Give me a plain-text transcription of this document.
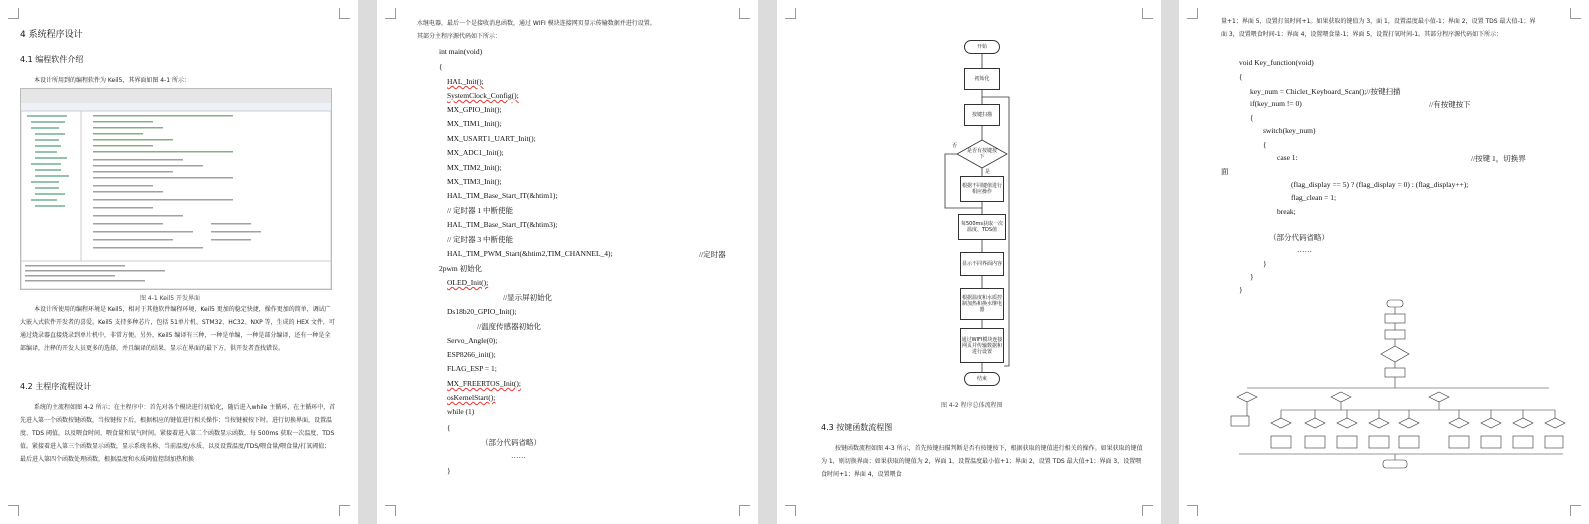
4 系统程序设计
4.1 编程软件介绍
本设计所用到的编程软件为 Keil5，其界面如图 4-1 所示：
图 4-1 Keil5 开发界面
本设计所使用的编程环境是 Keil5，相对于其他软件编程环境，Keil5 更加的稳定快捷，操作更加的简单，调试广大嵌入式软件开发者的喜爱。Keil5 支持多种芯片，包括 51单片机、STM32、HC32、NXP 等，生成的 HEX 文件，可通过烧录器直接烧录到单片机中，非常方便。另外，Keil5 编译有三种，一种是单编，一种是部分编译，还有一种是全部编译，注释的开发人员更多的选择，并且编译的结果，显示在界面的最下方，供开发者查找错误。
4.2 主程序流程设计
系统的主流程如图 4-2 所示；在主程序中：首先对各个模块进行初始化，随后进入while 主循环，在主循环中，首先进入第一个函数按键函数，当按键按下后，根据相应的键值进行相关操作；当按键被按下时，进行切换界面，设置温度、TDS 阈值，以及喂食时间、喂食量和氧气时间。紧接着进入第二个函数显示函数，每 500ms 获取一次温度、TDS 值。紧接着进入第三个函数显示函数，显示系统名称、当前温度/水质、以及设置温度/TDS/喂食量/喂食量/打氧阈值；最后进入第四个函数处理函数，根据温度和水质阈值控制加热和换
水继电器，最后一个是接收消息函数，通过 WIFI 模块连接网页显示传输数据并进行设置。
其部分主程序源代码如下所示：
int main(void)
{
HAL_Init();
SystemClock_Config();
MX_GPIO_Init();
MX_TIM1_Init();
MX_USART1_UART_Init();
MX_ADC1_Init();
MX_TIM2_Init();
MX_TIM3_Init();
HAL_TIM_Base_Start_IT(&htim1);
// 定时器 1 中断使能
HAL_TIM_Base_Start_IT(&htim3);
// 定时器 3 中断使能
HAL_TIM_PWM_Start(&htim2,TIM_CHANNEL_4);	//定时器
2pwm 初始化
OLED_Init();
//显示屏初始化
Ds18b20_GPIO_Init();
//温度传感器初始化
Servo_Angle(0);
ESP8266_init();
FLAG_ESP = 1;
MX_FREERTOS_Init();
osKernelStart();
while (1)
{
（部分代码省略）
……
}
开始
初始化
按键扫描
是否有按键按下
否
是
根据不同键值进行相应操作
每500ms获取一次温度、TDS值
显示不同界面内容
根据温度和水质控制加热和换水继电器
通过WIFI模块连接网页并传输数据和进行设置
结束
图 4-2 程序总体流程图
4.3 按键函数流程图
按键函数流程如图 4-3 所示，首先按键扫描判断是否有按键按下，根据获取的键值进行相关的操作。如果获取的键值为 1，则切换界面；如果获取的键值为 2，界面 1，设置温度最小值+1；界面 2，设置 TDS 最大值+1；界面 3，设置喂食时间+1；界面 4，设置喂食
量+1；界面 5，设置打氧时间+1。如果获取的键值为 3，面 1，设置温度最小值-1；界面 2，设置 TDS 最大值-1；界面 3，设置喂食时间-1；界面 4，设置喂食量-1；界面 5，设置打氧时间-1。其部分程序源代码如下所示：
void Key_function(void)
{
key_num = Chiclet_Keyboard_Scan();//按键扫描
if(key_num != 0)	//有按键按下
{
switch(key_num)
{
case 1:	//按键 1，切换界
面
(flag_display == 5) ? (flag_display = 0) : (flag_display++);
flag_clean = 1;
break;
（部分代码省略）
……
}
}
}
